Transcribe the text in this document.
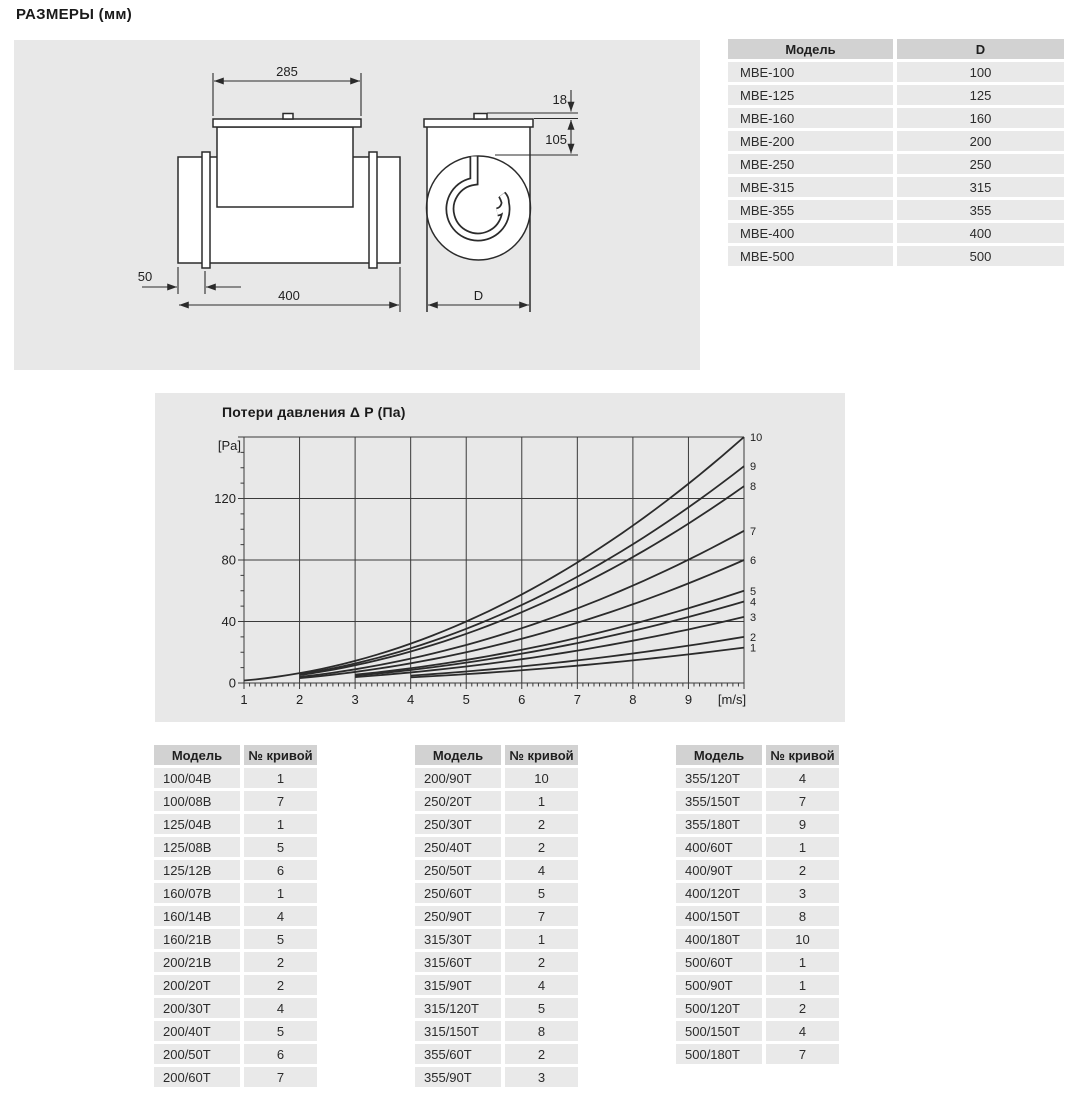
РАЗМЕРЫ (мм)
285
50
400
18
105
D
Модель	D
MBE-100	100
MBE-125	125
MBE-160	160
MBE-200	200
MBE-250	250
MBE-315	315
MBE-355	355
MBE-400	400
MBE-500	500
Потери давления Δ P (Па)
1	2	3	4	5	6	7	8	9 [m/s]
0
40
80
120
[Pa]
1
2
3
4
5
6
7
8
9
10
Модель	№ кривой
100/04B	1
100/08B	7
125/04B	1
125/08B	5
125/12B	6
160/07B	1
160/14B	4
160/21B	5
200/21B	2
200/20T	2
200/30T	4
200/40T	5
200/50T	6
200/60T	7
Модель	№ кривой
200/90T	10
250/20T	1
250/30T	2
250/40T	2
250/50T	4
250/60T	5
250/90T	7
315/30T	1
315/60T	2
315/90T	4
315/120T	5
315/150T	8
355/60T	2
355/90T	3
Модель	№ кривой
355/120T	4
355/150T	7
355/180T	9
400/60T	1
400/90T	2
400/120T	3
400/150T	8
400/180T	10
500/60T	1
500/90T	1
500/120T	2
500/150T	4
500/180T	7
